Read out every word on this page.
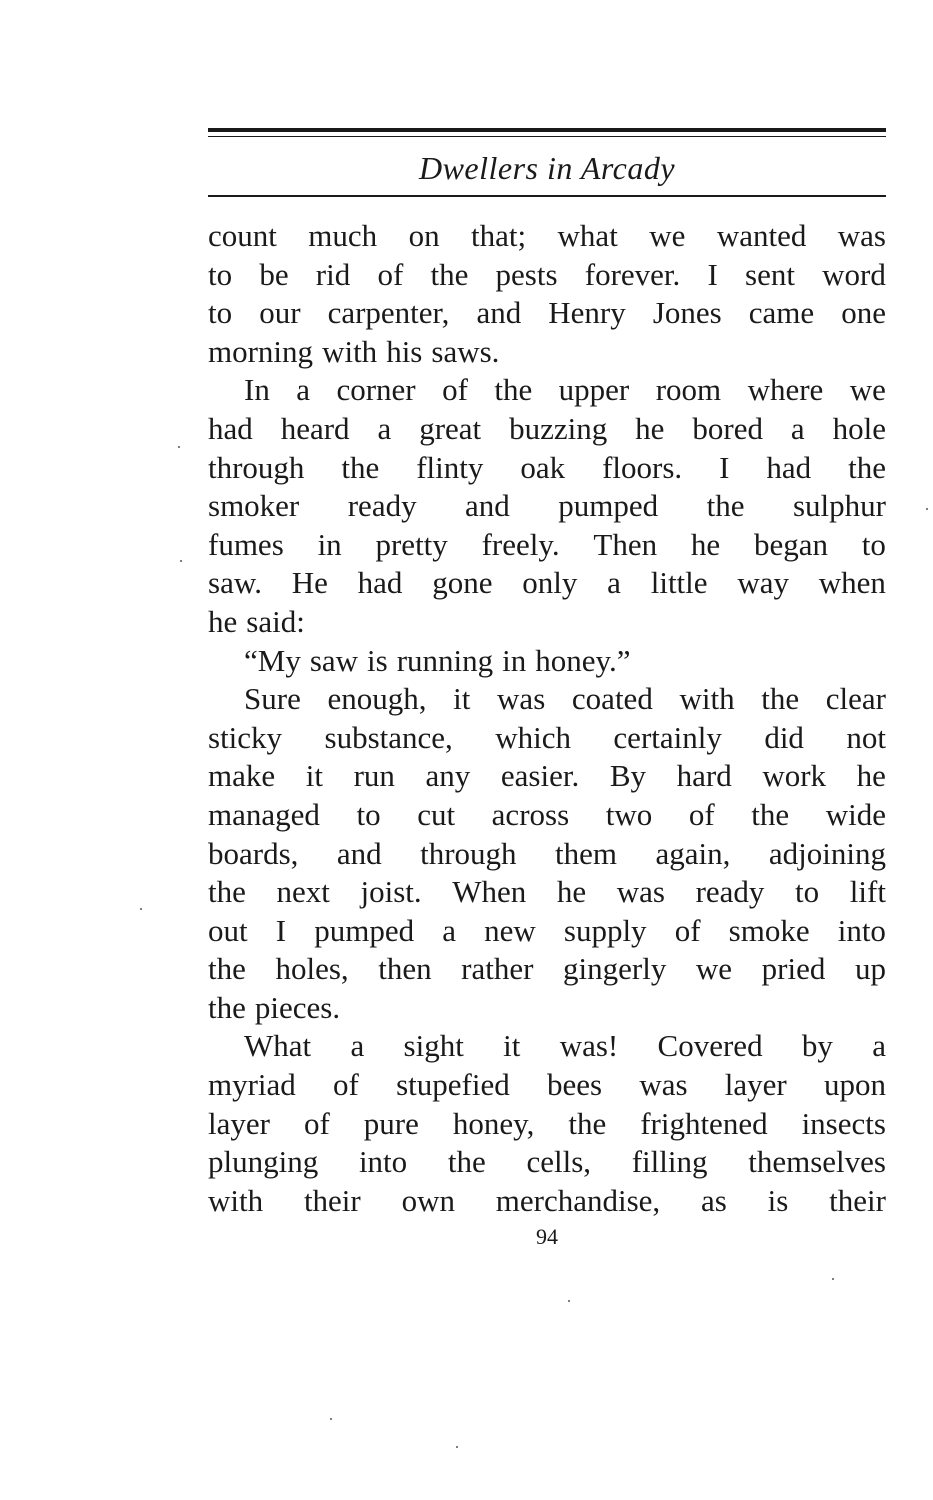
Dwellers in Arcady
count much on that; what we wanted was
to be rid of the pests forever. I sent word
to our carpenter, and Henry Jones came one
morning with his saws.
In a corner of the upper room where we
had heard a great buzzing he bored a hole
through the flinty oak floors. I had the
smoker ready and pumped the sulphur
fumes in pretty freely. Then he began to
saw. He had gone only a little way when
he said:
“My saw is running in honey.”
Sure enough, it was coated with the clear
sticky substance, which certainly did not
make it run any easier. By hard work he
managed to cut across two of the wide
boards, and through them again, adjoining
the next joist. When he was ready to lift
out I pumped a new supply of smoke into
the holes, then rather gingerly we pried up
the pieces.
What a sight it was! Covered by a
myriad of stupefied bees was layer upon
layer of pure honey, the frightened insects
plunging into the cells, filling themselves
with their own merchandise, as is their
94
